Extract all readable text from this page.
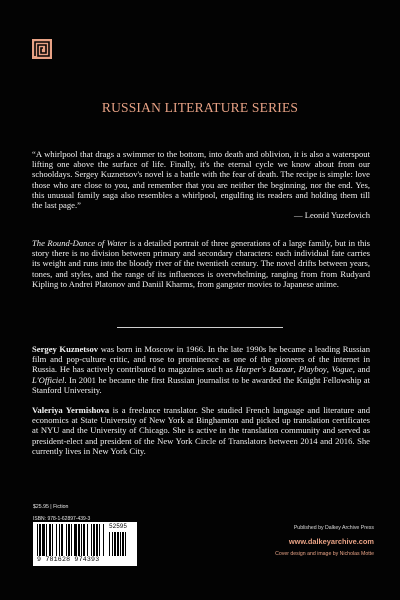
RUSSIAN LITERATURE SERIES

“A whirlpool that drags a swimmer to the bottom, into death and oblivion, it is also a waterspout lifting one above the surface of life. Finally, it's the eternal cycle we know about from our schooldays. Sergey Kuznetsov's novel is a battle with the fear of death. The recipe is simple: love those who are close to you, and remember that you are neither the beginning, nor the end. Yes, this unusual family saga also resembles a whirlpool, engulfing its readers and holding them till the last page.”

— Leonid Yuzefovich

The Round-Dance of Water is a detailed portrait of three generations of a large family, but in this story there is no division between primary and secondary characters: each individual fate carries its weight and runs into the bloody river of the twentieth century. The novel drifts between years, tones, and styles, and the range of its influences is overwhelming, ranging from from Rudyard Kipling to Andrei Platonov and Daniil Kharms, from gangster movies to Japanese anime.

Sergey Kuznetsov was born in Moscow in 1966. In the late 1990s he became a leading Russian film and pop-culture critic, and rose to prominence as one of the pioneers of the internet in Russia. He has actively contributed to magazines such as Harper's Bazaar, Playboy, Vogue, and L'Officiel. In 2001 he became the first Russian journalist to be awarded the Knight Fellowship at Stanford University.

Valeriya Yermishova is a freelance translator. She studied French language and literature and economics at State University of New York at Binghamton and picked up translation certificates at NYU and the University of Chicago. She is active in the translation community and served as president-elect and president of the New York Circle of Translators between 2014 and 2016. She currently lives in New York City.

$25.95 | Fiction
ISBN: 978-1-62897-439-3
9 781628 974393
52595	Published by Dalkey Archive Press
www.dalkeyarchive.com
Cover design and image by Nicholas Motte
